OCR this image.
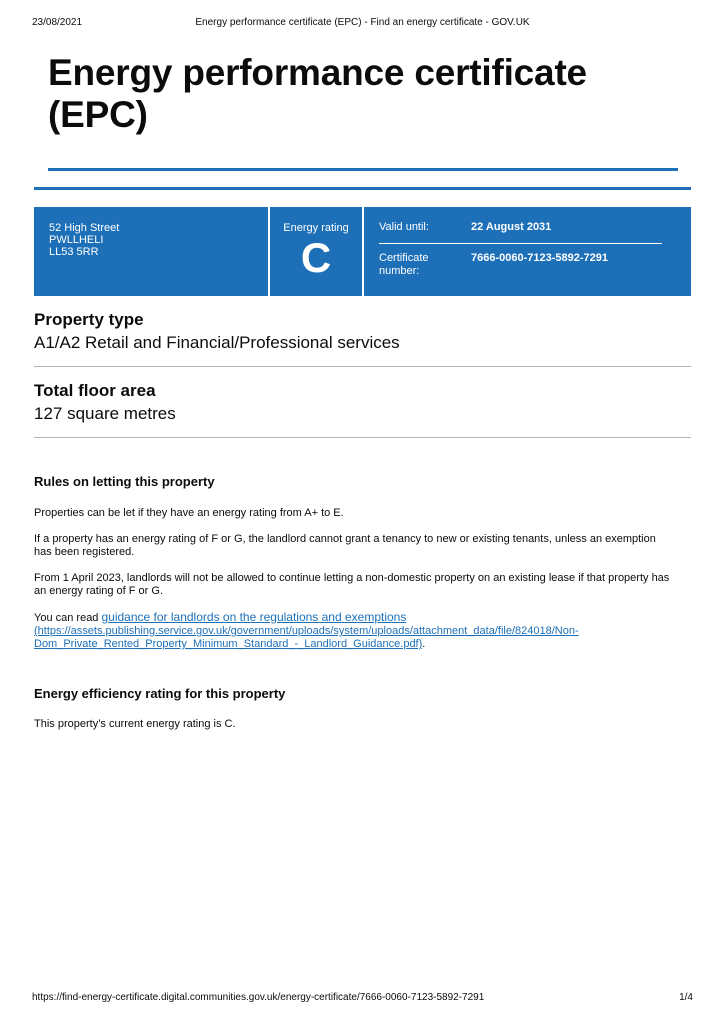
23/08/2021	Energy performance certificate (EPC) - Find an energy certificate - GOV.UK
Energy performance certificate (EPC)
52 High Street
PWLLHELI
LL53 5RR
Energy rating
C
Valid until:	22 August 2031
Certificate number:
7666-0060-7123-5892-7291
Property type

A1/A2 Retail and Financial/Professional services

Total floor area

127 square metres

Rules on letting this property

Properties can be let if they have an energy rating from A+ to E.

If a property has an energy rating of F or G, the landlord cannot grant a tenancy to new or existing tenants, unless an exemption has been registered.

From 1 April 2023, landlords will not be allowed to continue letting a non-domestic property on an existing lease if that property has an energy rating of F or G.

You can read guidance for landlords on the regulations and exemptions
(https://assets.publishing.service.gov.uk/government/uploads/system/uploads/attachment_data/file/824018/Non-Dom_Private_Rented_Property_Minimum_Standard_-_Landlord_Guidance.pdf).

Energy efficiency rating for this property

This property’s current energy rating is C.

https://find-energy-certificate.digital.communities.gov.uk/energy-certificate/7666-0060-7123-5892-7291	1/4
